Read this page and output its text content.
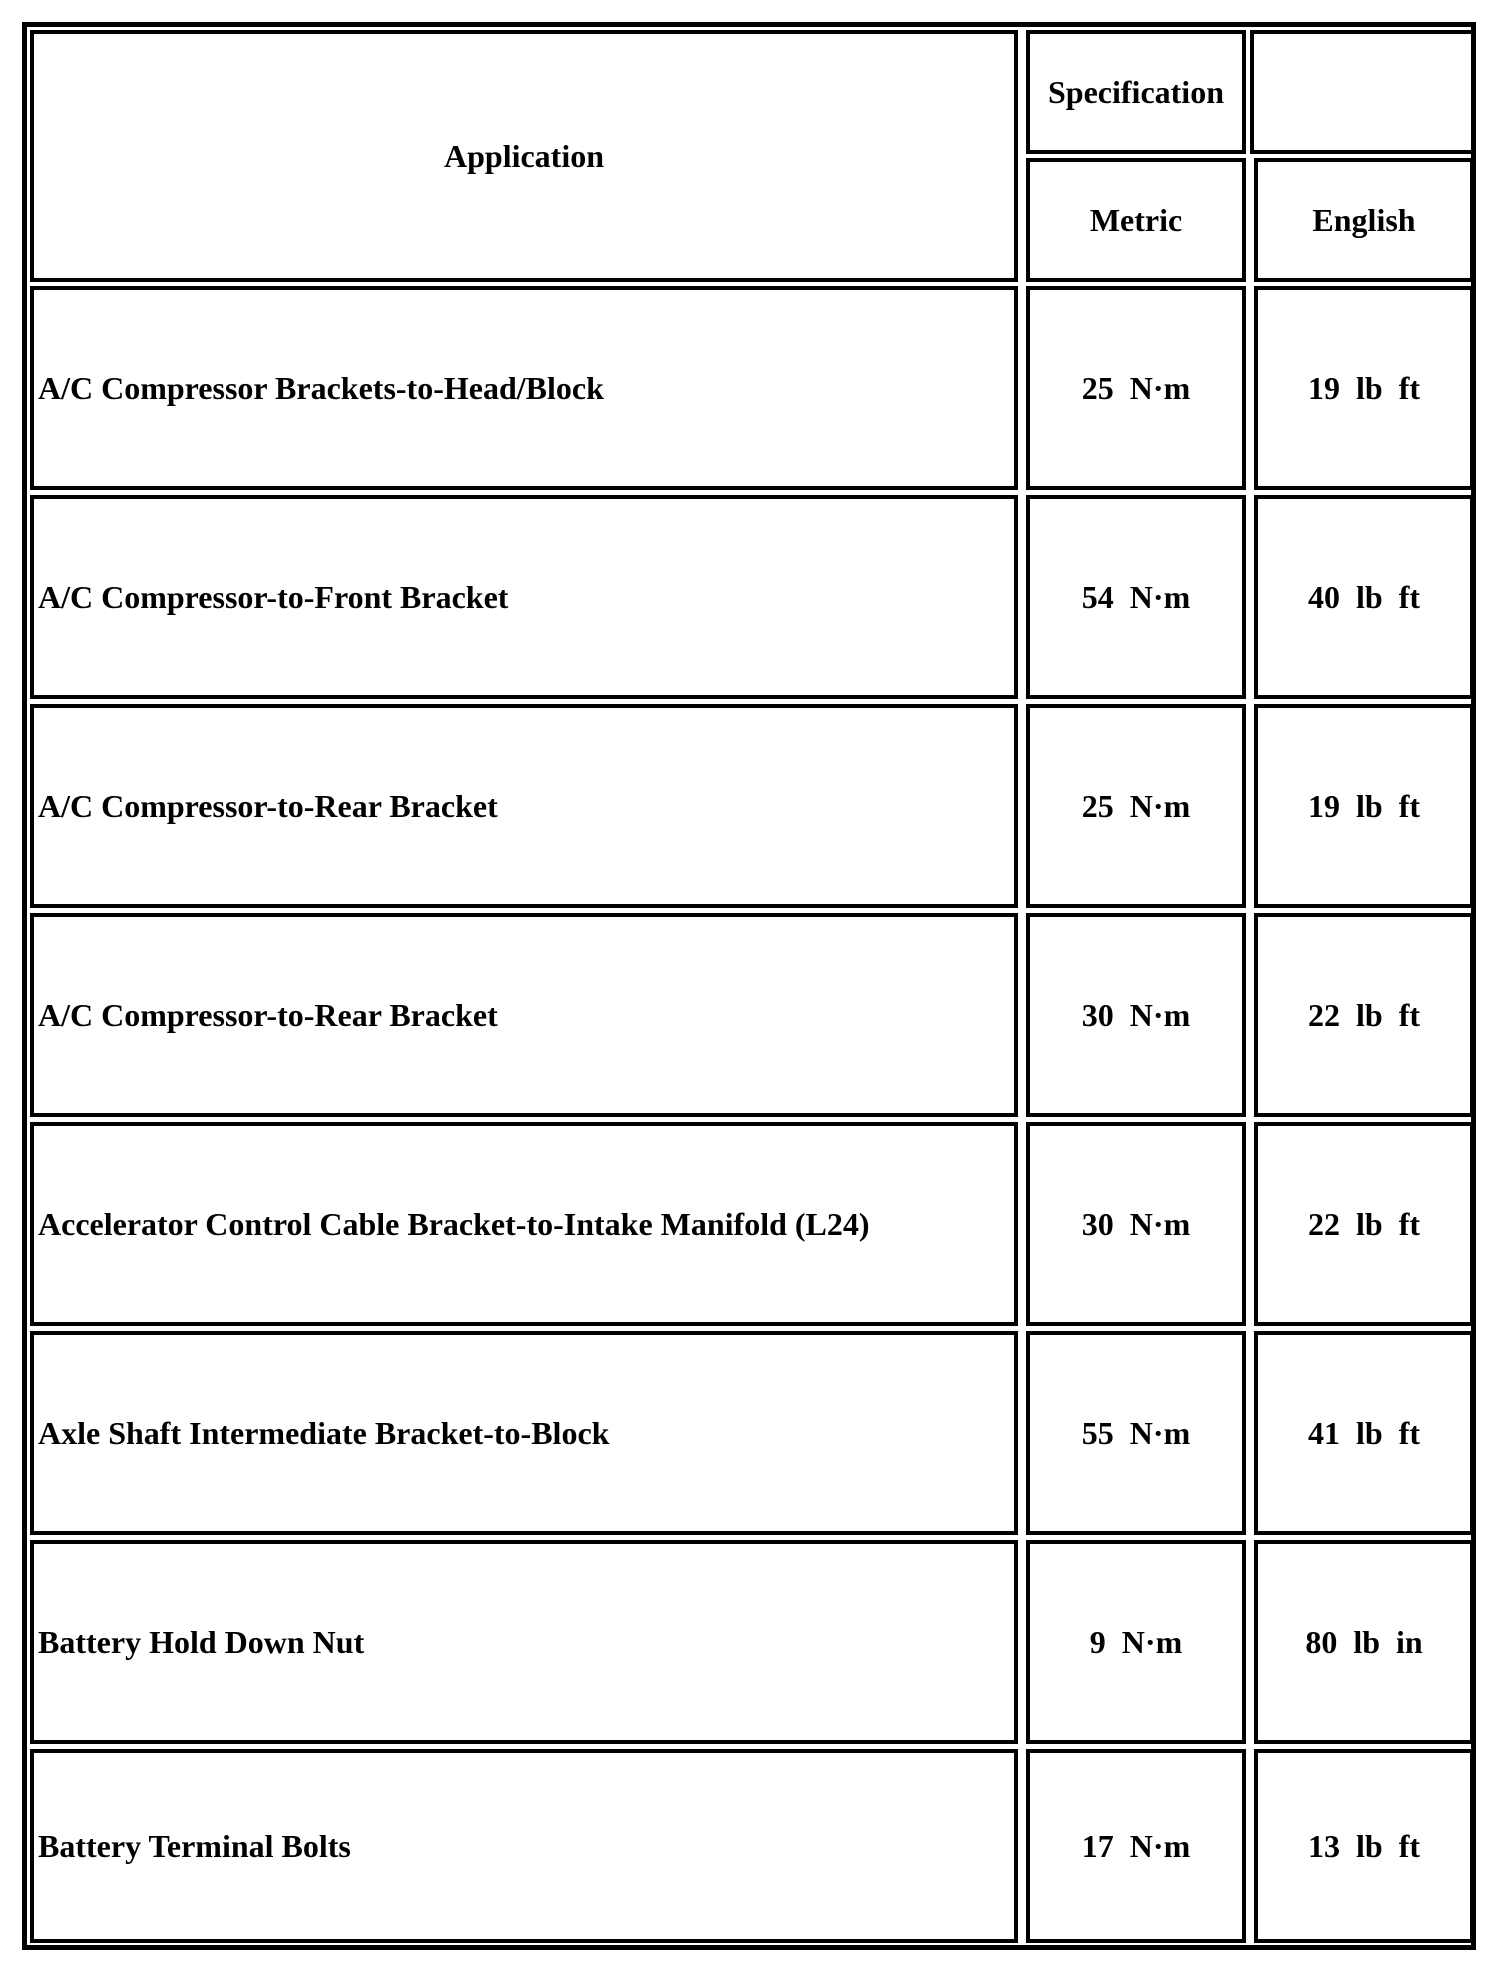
Application
Specification
Metric	English
A/C Compressor Brackets-to-Head/Block	25  N·m	19  lb  ft
A/C Compressor-to-Front Bracket	54  N·m	40  lb  ft
A/C Compressor-to-Rear Bracket	25  N·m	19  lb  ft
A/C Compressor-to-Rear Bracket	30  N·m	22  lb  ft
Accelerator Control Cable Bracket-to-Intake Manifold (L24)	30  N·m	22  lb  ft
Axle Shaft Intermediate Bracket-to-Block	55  N·m	41  lb  ft
Battery Hold Down Nut	9  N·m	80  lb  in
Battery Terminal Bolts	17  N·m	13  lb  ft
